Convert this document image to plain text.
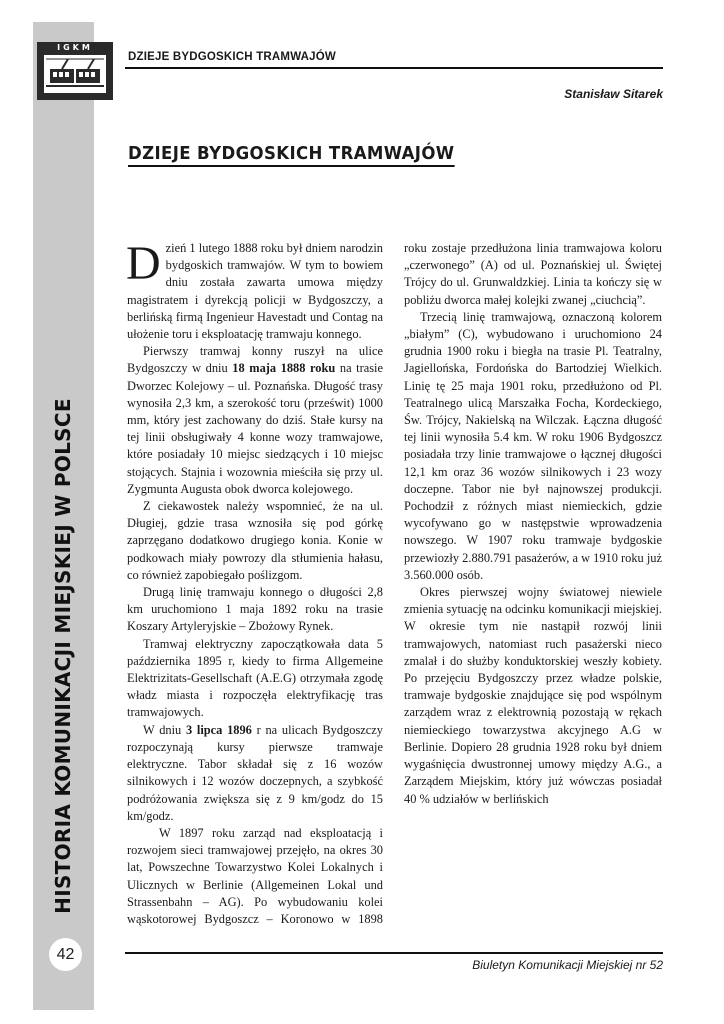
IGKM
HISTORIA KOMUNIKACJI MIEJSKIEJ W POLSCE
42
DZIEJE BYDGOSKICH TRAMWAJÓW
Stanisław Sitarek
DZIEJE BYDGOSKICH TRAMWAJÓW

Dzień 1 lutego 1888 roku był dniem narodzin bydgoskich tramwajów. W tym to bowiem dniu została zawarta umowa między magistratem i dyrekcją policji w Bydgoszczy, a berlińską firmą Ingenieur Havestadt und Contag na ułożenie toru i eksploatację tramwaju konnego.

Pierwszy tramwaj konny ruszył na ulice Bydgoszczy w dniu 18 maja 1888 roku na trasie Dworzec Kolejowy – ul. Poznańska. Długość trasy wynosiła 2,3 km, a szerokość toru (prześwit) 1000 mm, który jest zachowany do dziś. Stałe kursy na tej linii obsługiwały 4 konne wozy tramwajowe, które posiadały 10 miejsc siedzących i 10 miejsc stojących. Stajnia i wozownia mieściła się przy ul. Zygmunta Augusta obok dworca kolejowego.

Z ciekawostek należy wspomnieć, że na ul. Długiej, gdzie trasa wznosiła się pod górkę zaprzęgano dodatkowo drugiego konia. Konie w podkowach miały powrozy dla stłumienia hałasu, co również zapobiegało poślizgom.

Drugą linię tramwaju konnego o długości 2,8 km uruchomiono 1 maja 1892 roku na trasie Koszary Artyleryjskie – Zbożowy Rynek.

Tramwaj elektryczny zapoczątkowała data 5 października 1895 r, kiedy to firma Allgemeine Elektrizitats-Gesellschaft (A.E.G) otrzymała zgodę władz miasta i rozpoczęła elektryfikację tras tramwajowych.

W dniu 3 lipca 1896 r na ulicach Bydgoszczy rozpoczynają kursy pierwsze tramwaje elektryczne. Tabor składał się z 16 wozów silnikowych i 12 wozów doczepnych, a szybkość podróżowania zwiększa się z 9 km/godz do 15 km/godz.

W 1897 roku zarząd nad eksploatacją i rozwojem sieci tramwajowej przejęło, na okres 30 lat, Powszechne Towarzystwo Kolei Lokalnych i Ulicznych w Berlinie (Allgemeinen Lokal und Strassenbahn – AG). Po wybudowaniu kolei wąskotorowej Bydgoszcz – Koronowo w 1898

roku zostaje przedłużona linia tramwajowa koloru „czerwonego” (A) od ul. Poznańskiej ul. Świętej Trójcy do ul. Grunwaldzkiej. Linia ta kończy się w pobliżu dworca małej kolejki zwanej „ciuchcią”.

Trzecią linię tramwajową, oznaczoną kolorem „białym” (C), wybudowano i uruchomiono 24 grudnia 1900 roku i biegła na trasie Pl. Teatralny, Jagiellońska, Fordońska do Bartodziej Wielkich. Linię tę 25 maja 1901 roku, przedłużono od Pl. Teatralnego ulicą Marszałka Focha, Kordeckiego, Św. Trójcy, Nakielską na Wilczak. Łączna długość tej linii wynosiła 5.4 km. W roku 1906 Bydgoszcz posiadała trzy linie tramwajowe o łącznej długości 12,1 km oraz 36 wozów silnikowych i 23 wozy doczepne. Tabor nie był najnowszej produkcji. Pochodził z różnych miast niemieckich, gdzie wycofywano go w następstwie wprowadzenia nowszego. W 1907 roku tramwaje bydgoskie przewiozły 2.880.791 pasażerów, a w 1910 roku już 3.560.000 osób.

Okres pierwszej wojny światowej niewiele zmienia sytuację na odcinku komunikacji miejskiej. W okresie tym nie nastąpił rozwój linii tramwajowych, natomiast ruch pasażerski nieco zmalał i do służby konduktorskiej weszły kobiety. Po przejęciu Bydgoszczy przez władze polskie, tramwaje bydgoskie znajdujące się pod wspólnym zarządem wraz z elektrownią pozostają w rękach niemieckiego towarzystwa akcyjnego A.G w Berlinie. Dopiero 28 grudnia 1928 roku był dniem wygaśnięcia dwustronnej umowy między A.G., a Zarządem Miejskim, który już wówczas posiadał 40 % udziałów w berlińskich

Biuletyn Komunikacji Miejskiej nr 52
